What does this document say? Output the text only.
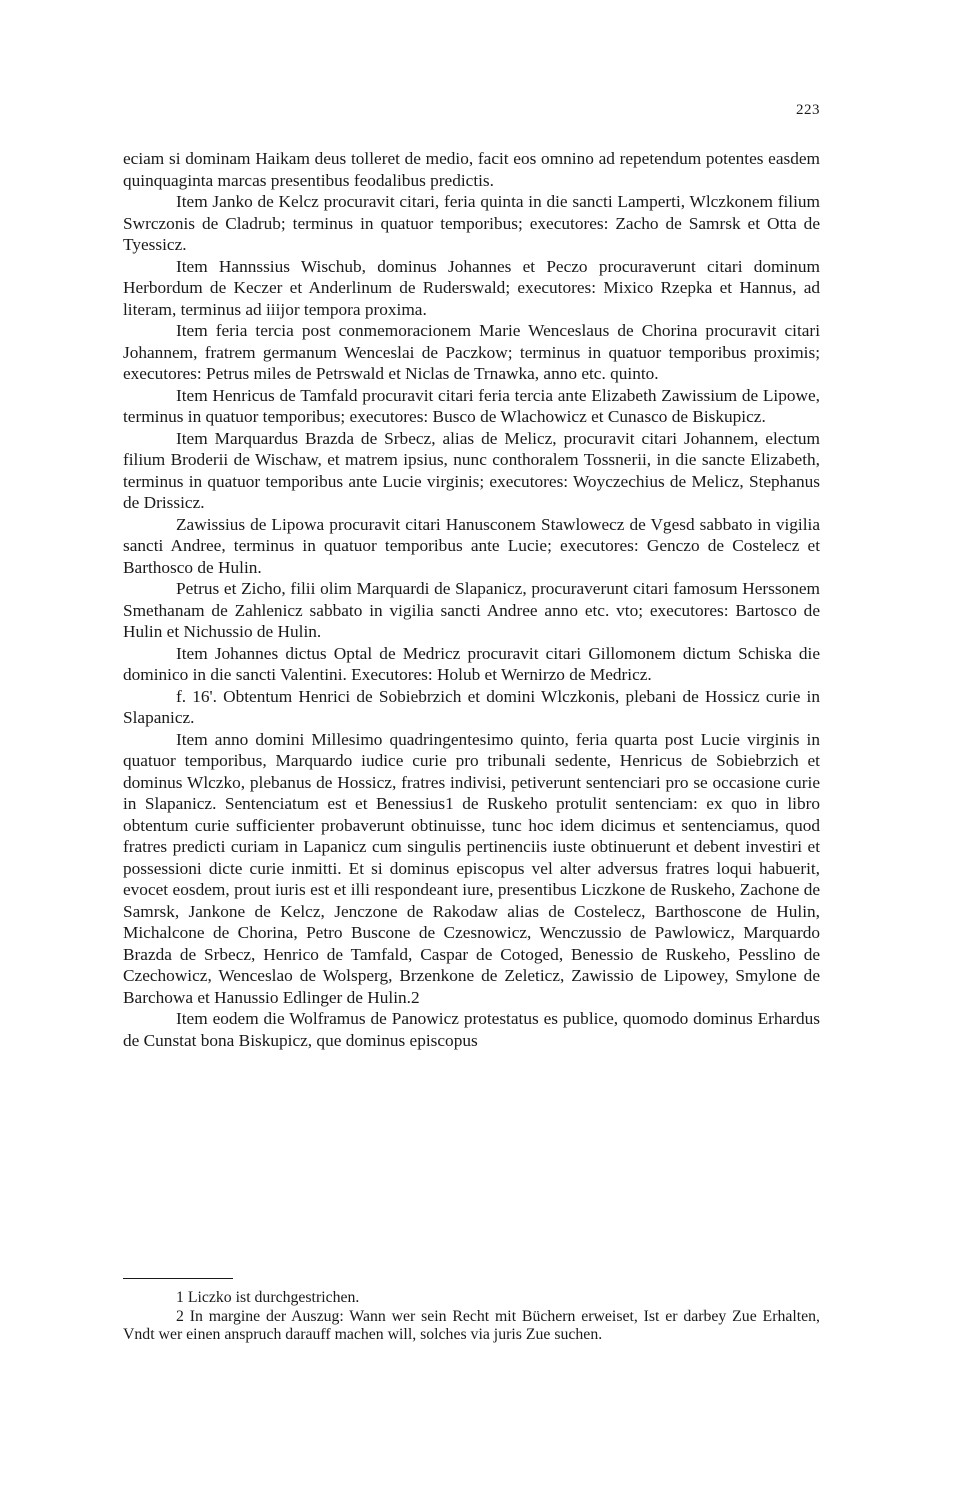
223

eciam si dominam Haikam deus tolleret de medio, facit eos omnino ad repetendum potentes easdem quinquaginta marcas presentibus feodalibus predictis.

Item Janko de Kelcz procuravit citari, feria quinta in die sancti Lamperti, Wlczkonem filium Swrczonis de Cladrub; terminus in quatuor temporibus; executores: Zacho de Samrsk et Otta de Tyessicz.

Item Hannssius Wischub, dominus Johannes et Peczo procuraverunt citari dominum Herbordum de Keczer et Anderlinum de Ruderswald; executores: Mixico Rzepka et Hannus, ad literam, terminus ad iiijor tempora proxima.

Item feria tercia post conmemoracionem Marie Wenceslaus de Chorina procuravit citari Johannem, fratrem germanum Wenceslai de Paczkow; terminus in quatuor temporibus proximis; executores: Petrus miles de Petrswald et Niclas de Trnawka, anno etc. quinto.

Item Henricus de Tamfald procuravit citari feria tercia ante Elizabeth Zawissium de Lipowe, terminus in quatuor temporibus; executores: Busco de Wlachowicz et Cunasco de Biskupicz.

Item Marquardus Brazda de Srbecz, alias de Melicz, procuravit citari Johannem, electum filium Broderii de Wischaw, et matrem ipsius, nunc conthoralem Tossnerii, in die sancte Elizabeth, terminus in quatuor temporibus ante Lucie virginis; executores: Woyczechius de Melicz, Stephanus de Drissicz.

Zawissius de Lipowa procuravit citari Hanusconem Stawlowecz de Vgesd sabbato in vigilia sancti Andree, terminus in quatuor temporibus ante Lucie; executores: Genczo de Costelecz et Barthosco de Hulin.

Petrus et Zicho, filii olim Marquardi de Slapanicz, procuraverunt citari famosum Herssonem Smethanam de Zahlenicz sabbato in vigilia sancti Andree anno etc. vto; executores: Bartosco de Hulin et Nichussio de Hulin.

Item Johannes dictus Optal de Medricz procuravit citari Gillomonem dictum Schiska die dominico in die sancti Valentini. Executores: Holub et Wernirzo de Medricz.

f. 16'. Obtentum Henrici de Sobiebrzich et domini Wlczkonis, plebani de Hossicz curie in Slapanicz.

Item anno domini Millesimo quadringentesimo quinto, feria quarta post Lucie virginis in quatuor temporibus, Marquardo iudice curie pro tribunali sedente, Henricus de Sobiebrzich et dominus Wlczko, plebanus de Hossicz, fratres indivisi, petiverunt sentenciari pro se occasione curie in Slapanicz. Sentenciatum est et Benessius1 de Ruskeho protulit sentenciam: ex quo in libro obtentum curie sufficienter probaverunt obtinuisse, tunc hoc idem dicimus et sentenciamus, quod fratres predicti curiam in Lapanicz cum singulis pertinenciis iuste obtinuerunt et debent investiri et possessioni dicte curie inmitti. Et si dominus episcopus vel alter adversus fratres loqui habuerit, evocet eosdem, prout iuris est et illi respondeant iure, presentibus Liczkone de Ruskeho, Zachone de Samrsk, Jankone de Kelcz, Jenczone de Rakodaw alias de Costelecz, Barthoscone de Hulin, Michalcone de Chorina, Petro Buscone de Czesnowicz, Wenczussio de Pawlowicz, Marquardo Brazda de Srbecz, Henrico de Tamfald, Caspar de Cotoged, Benessio de Ruskeho, Pesslino de Czechowicz, Wenceslao de Wolsperg, Brzenkone de Zeleticz, Zawissio de Lipowey, Smylone de Barchowa et Hanussio Edlinger de Hulin.2

Item eodem die Wolframus de Panowicz protestatus es publice, quomodo dominus Erhardus de Cunstat bona Biskupicz, que dominus episcopus

1 Liczko ist durchgestrichen.

2 In margine der Auszug: Wann wer sein Recht mit Büchern erweiset, Ist er darbey Zue Erhalten, Vndt wer einen anspruch darauff machen will, solches via juris Zue suchen.
